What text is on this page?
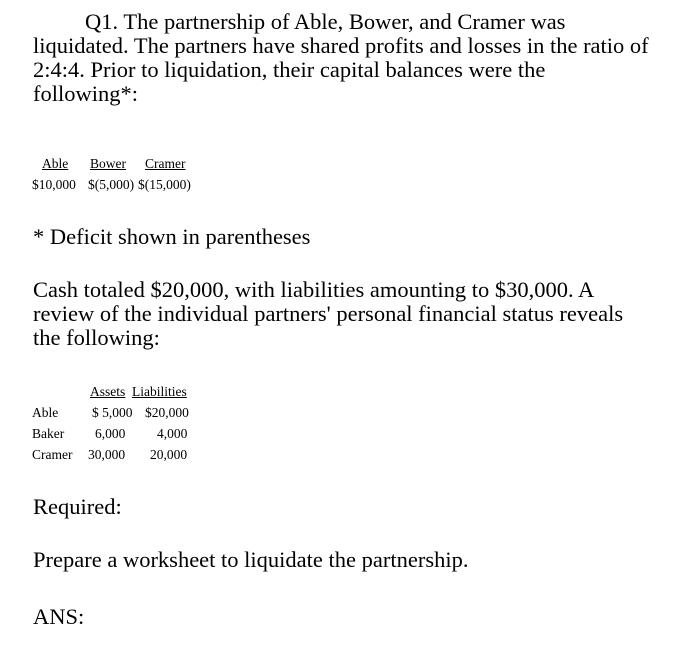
Q1. The partnership of Able, Bower, and Cramer was
liquidated. The partners have shared profits and losses in the ratio of
2:4:4. Prior to liquidation, their capital balances were the
following*:
Able Bower Cramer
$10,000 $(5,000) $(15,000)
* Deficit shown in parentheses
Cash totaled $20,000, with liabilities amounting to $30,000. A
review of the individual partners' personal financial status reveals
the following:
Assets Liabilities
Able	$ 5,000 $20,000
Baker 6,000 4,000
Cramer 30,000 20,000
Required:
Prepare a worksheet to liquidate the partnership.
ANS:
